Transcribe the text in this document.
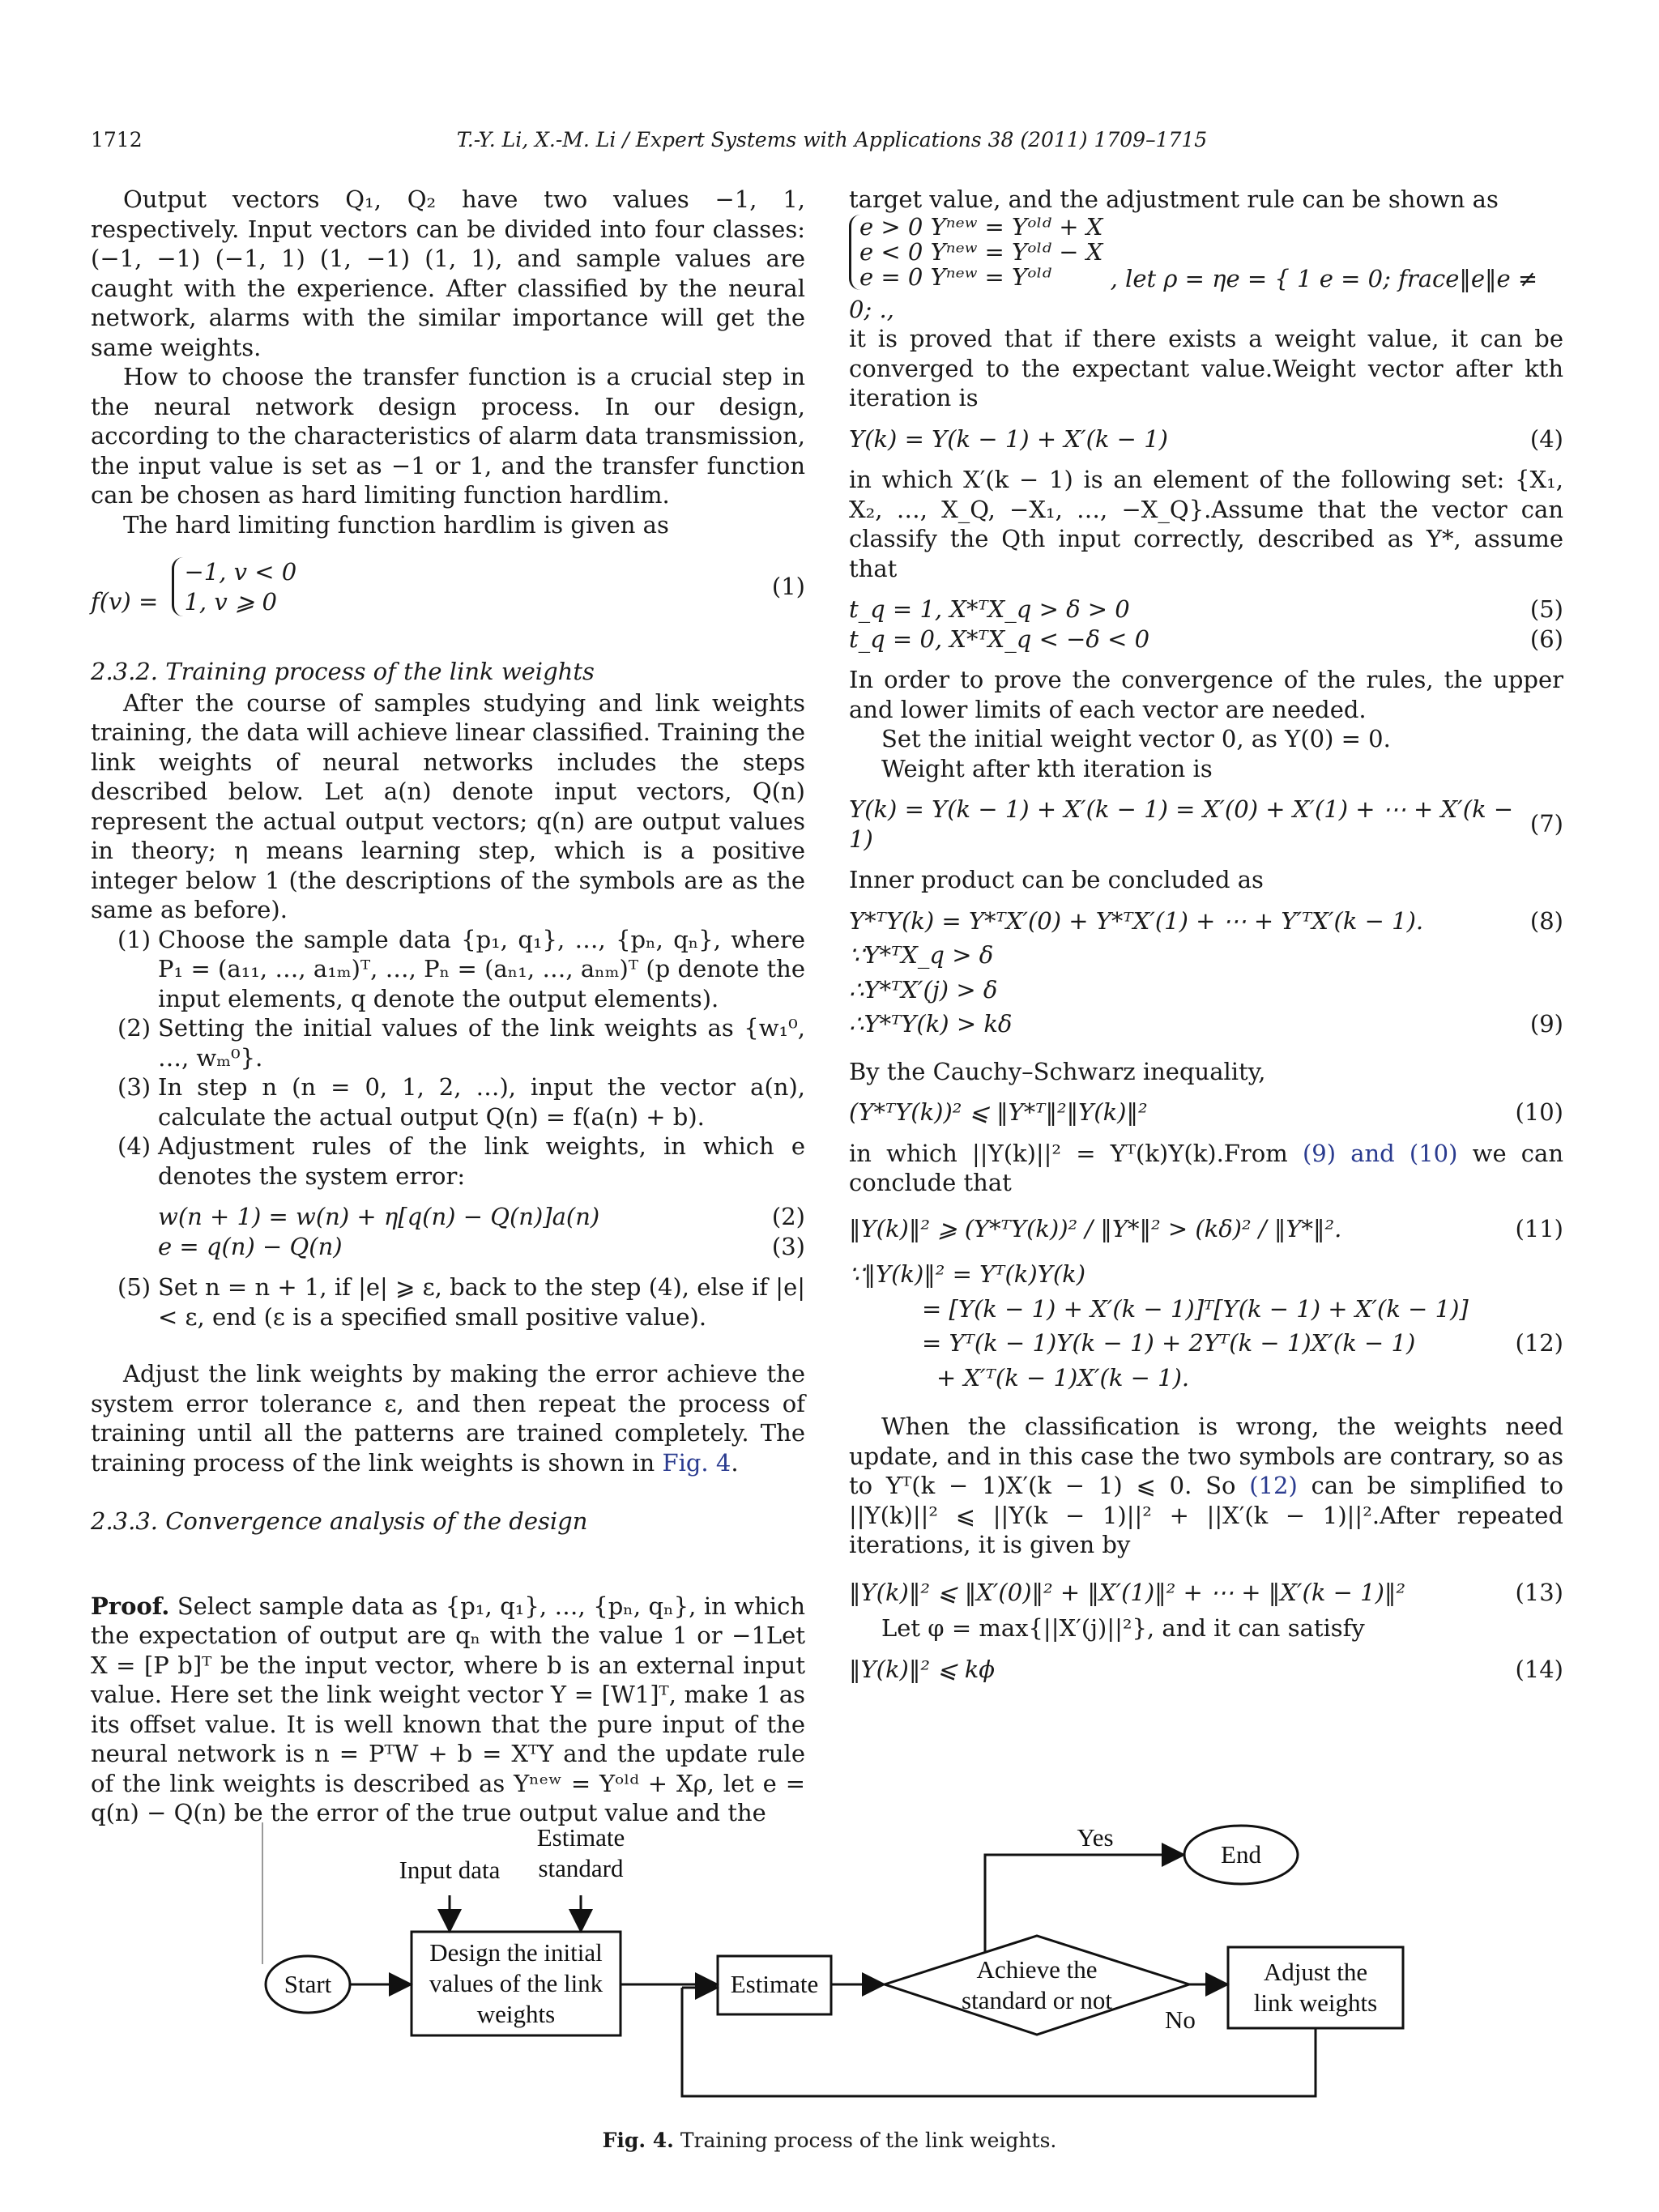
1712	T.-Y. Li, X.-M. Li / Expert Systems with Applications 38 (2011) 1709–1715

Output vectors Q₁, Q₂ have two values −1, 1, respectively. Input vectors can be divided into four classes: (−1, −1) (−1, 1) (1, −1) (1, 1), and sample values are caught with the experience. After classified by the neural network, alarms with the similar importance will get the same weights.

How to choose the transfer function is a crucial step in the neural network design process. In our design, according to the characteristics of alarm data transmission, the input value is set as −1 or 1, and the transfer function can be chosen as hard limiting function hardlim.

The hard limiting function hardlim is given as

f(v) =
−1, v < 0
1, v ⩾ 0
(1)
2.3.2. Training process of the link weights

After the course of samples studying and link weights training, the data will achieve linear classified. Training the link weights of neural networks includes the steps described below. Let a(n) denote input vectors, Q(n) represent the actual output vectors; q(n) are output values in theory; η means learning step, which is a positive integer below 1 (the descriptions of the symbols are as the same as before).

(1) Choose the sample data {p₁, q₁}, …, {pₙ, qₙ}, where P₁ = (a₁₁, …, a₁ₘ)ᵀ, …, Pₙ = (aₙ₁, …, aₙₘ)ᵀ (p denote the input elements, q denote the output elements).
(2) Setting the initial values of the link weights as {w₁⁰, …, wₘ⁰}.
(3) In step n (n = 0, 1, 2, …), input the vector a(n), calculate the actual output Q(n) = f(a(n) + b).
(4) Adjustment rules of the link weights, in which e denotes the system error:
w(n + 1) = w(n) + η[q(n) − Q(n)]a(n)	(2)
e = q(n) − Q(n)	(3)
(5) Set n = n + 1, if |e| ⩾ ε, back to the step (4), else if |e| < ε, end (ε is a specified small positive value).

Adjust the link weights by making the error achieve the system error tolerance ε, and then repeat the process of training until all the patterns are trained completely. The training process of the link weights is shown in Fig. 4.

2.3.3. Convergence analysis of the design

Proof. Select sample data as {p₁, q₁}, …, {pₙ, qₙ}, in which the expectation of output are qₙ with the value 1 or −1Let X = [P b]ᵀ be the input vector, where b is an external input value. Here set the link weight vector Y = [W1]ᵀ, make 1 as its offset value. It is well known that the pure input of the neural network is n = PᵀW + b = XᵀY and the update rule of the link weights is described as Yⁿᵉʷ = Yᵒˡᵈ + Xρ, let e = q(n) − Q(n) be the error of the true output value and the

target value, and the adjustment rule can be shown as

e > 0 Yⁿᵉʷ = Yᵒˡᵈ + X
e < 0 Yⁿᵉʷ = Yᵒˡᵈ − X
e = 0 Yⁿᵉʷ = Yᵒˡᵈ	, let ρ = ηe = { 1 e = 0; frace‖e‖e ≠ 0; .,

it is proved that if there exists a weight value, it can be converged to the expectant value.Weight vector after kth iteration is

Y(k) = Y(k − 1) + X′(k − 1)	(4)

in which X′(k − 1) is an element of the following set: {X₁, X₂, …, X_Q, −X₁, …, −X_Q}.Assume that the vector can classify the Qth input correctly, described as Y*, assume that

t_q = 1, X*ᵀX_q > δ > 0	(5)
t_q = 0, X*ᵀX_q < −δ < 0	(6)

In order to prove the convergence of the rules, the upper and lower limits of each vector are needed.

Set the initial weight vector 0, as Y(0) = 0.

Weight after kth iteration is

Y(k) = Y(k − 1) + X′(k − 1) = X′(0) + X′(1) + ⋯ + X′(k − 1)
(7)

Inner product can be concluded as

Y*ᵀY(k) = Y*ᵀX′(0) + Y*ᵀX′(1) + ⋯ + Y′ᵀX′(k − 1).	(8)
∵Y*ᵀX_q > δ
∴Y*ᵀX′(j) > δ
∴Y*ᵀY(k) > kδ	(9)

By the Cauchy–Schwarz inequality,

(Y*ᵀY(k))² ⩽ ‖Y*ᵀ‖²‖Y(k)‖²	(10)

in which ||Y(k)||² = Yᵀ(k)Y(k).From (9) and (10) we can conclude that

‖Y(k)‖² ⩾ (Y*ᵀY(k))² / ‖Y*‖² > (kδ)² / ‖Y*‖².	(11)
∵‖Y(k)‖² = Yᵀ(k)Y(k)
= [Y(k − 1) + X′(k − 1)]ᵀ[Y(k − 1) + X′(k − 1)]
= Yᵀ(k − 1)Y(k − 1) + 2Yᵀ(k − 1)X′(k − 1)	(12)
+ X′ᵀ(k − 1)X′(k − 1).

When the classification is wrong, the weights need update, and in this case the two symbols are contrary, so as to Yᵀ(k − 1)X′(k − 1) ⩽ 0. So (12) can be simplified to ||Y(k)||² ⩽ ||Y(k − 1)||² + ||X′(k − 1)||².After repeated iterations, it is given by

‖Y(k)‖² ⩽ ‖X′(0)‖² + ‖X′(1)‖² + ⋯ + ‖X′(k − 1)‖²	(13)

Let φ = max{||X′(j)||²}, and it can satisfy

‖Y(k)‖² ⩽ kϕ	(14)
Input data
Estimate
standard
Start
Design the initial
values of the link
weights
Estimate
Achieve the
standard or not
Yes
End
Adjust the
link weights
No
Fig. 4. Training process of the link weights.
